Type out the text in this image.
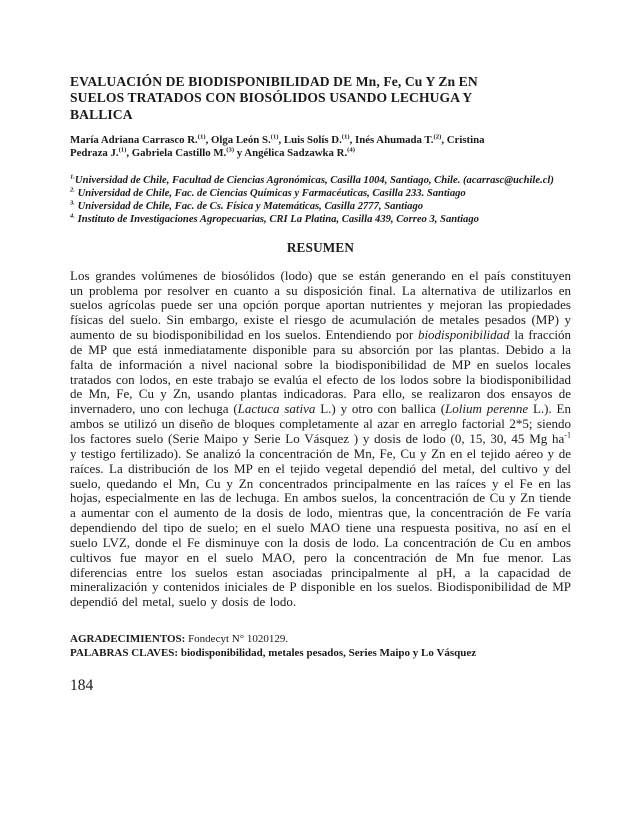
EVALUACIÓN DE BIODISPONIBILIDAD DE Mn, Fe, Cu Y Zn EN
SUELOS TRATADOS CON BIOSÓLIDOS USANDO LECHUGA Y
BALLICA
María Adriana Carrasco R.$^{(1)}$, Olga León S.$^{(1)}$, Luis Solís D.$^{(1)}$, Inés Ahumada T.$^{(2)}$, Cristina
Pedraza J.$^{(1)}$, Gabriela Castillo M.$^{(3)}$ y Angélica Sadzawka R.$^{(4)}$
$^{1.}$Universidad de Chile, Facultad de Ciencias Agronómicas, Casilla 1004, Santiago, Chile. (acarrasc@uchile.cl)
$^{2.}$ Universidad de Chile, Fac. de Ciencias Químicas y Farmacéuticas, Casilla 233. Santiago
$^{3.}$ Universidad de Chile, Fac. de Cs. Física y Matemáticas, Casilla 2777, Santiago
$^{4.}$ Instituto de Investigaciones Agropecuarias, CRI La Platina, Casilla 439, Correo 3, Santiago
RESUMEN

Los grandes volúmenes de biosólidos (lodo) que se están generando en el país constituyen un problema por resolver en cuanto a su disposición final. La alternativa de utilizarlos en suelos agrícolas puede ser una opción porque aportan nutrientes y mejoran las propiedades físicas del suelo. Sin embargo, existe el riesgo de acumulación de metales pesados (MP) y aumento de su biodisponibilidad en los suelos. Entendiendo por biodisponibilidad la fracción de MP que está inmediatamente disponible para su absorción por las plantas. Debido a la falta de información a nivel nacional sobre la biodisponibilidad de MP en suelos locales tratados con lodos, en este trabajo se evalúa el efecto de los lodos sobre la biodisponibilidad de Mn, Fe, Cu y Zn, usando plantas indicadoras. Para ello, se realizaron dos ensayos de invernadero, uno con lechuga (Lactuca sativa L.) y otro con ballica (Lolium perenne L.). En ambos se utilizó un diseño de bloques completamente al azar en arreglo factorial 2*5; siendo los factores suelo (Serie Maipo y Serie Lo Vásquez ) y dosis de lodo (0, 15, 30, 45 Mg $ha^{-1}$ y testigo fertilizado). Se analizó la concentración de Mn, Fe, Cu y Zn en el tejido aéreo y de raíces. La distribución de los MP en el tejido vegetal dependió del metal, del cultivo y del suelo, quedando el Mn, Cu y Zn concentrados principalmente en las raíces y el Fe en las hojas, especialmente en las de lechuga. En ambos suelos, la concentración de Cu y Zn tiende a aumentar con el aumento de la dosis de lodo, mientras que, la concentración de Fe varía dependiendo del tipo de suelo; en el suelo MAO tiene una respuesta positiva, no así en el suelo LVZ, donde el Fe disminuye con la dosis de lodo. La concentración de Cu en ambos cultivos fue mayor en el suelo MAO, pero la concentración de Mn fue menor. Las diferencias entre los suelos estan asociadas principalmente al pH, a la capacidad de mineralización y contenidos iniciales de P disponible en los suelos. Biodisponibilidad de MP dependió del metal, suelo y dosis de lodo.

AGRADECIMIENTOS: Fondecyt N° 1020129.

PALABRAS CLAVES: biodisponibilidad, metales pesados, Series Maipo y Lo Vásquez

184
